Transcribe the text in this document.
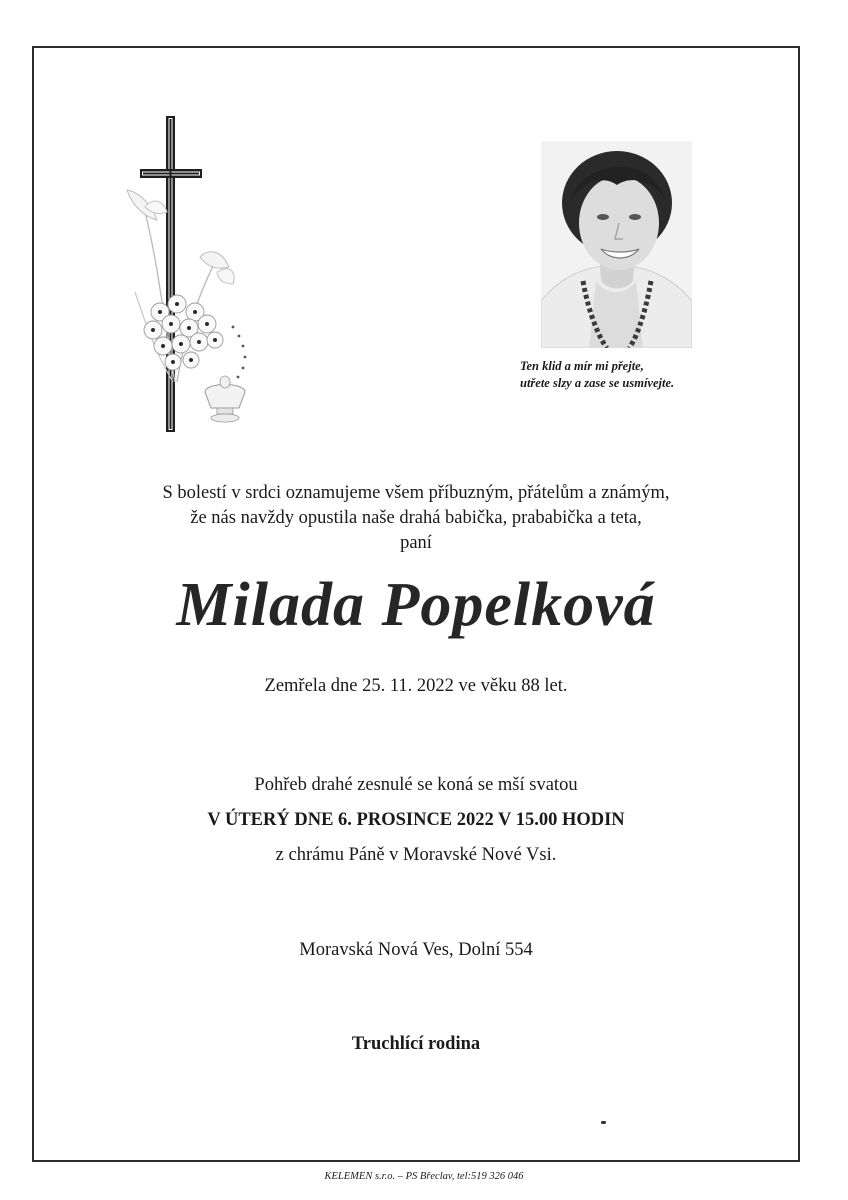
Ten klid a mír mi přejte,
utřete slzy a zase se usmívejte.
S bolestí v srdci oznamujeme všem příbuzným, přátelům a známým,
že nás navždy opustila naše drahá babička, prababička a teta,
paní
Milada Popelková
Zemřela dne 25. 11. 2022 ve věku 88 let.
Pohřeb drahé zesnulé se koná se mší svatou
V ÚTERÝ DNE 6. PROSINCE 2022 V 15.00 HODIN
z chrámu Páně v Moravské Nové Vsi.
Moravská Nová Ves, Dolní 554
Truchlící rodina
KELEMEN s.r.o. – PS Břeclav, tel:519 326 046
